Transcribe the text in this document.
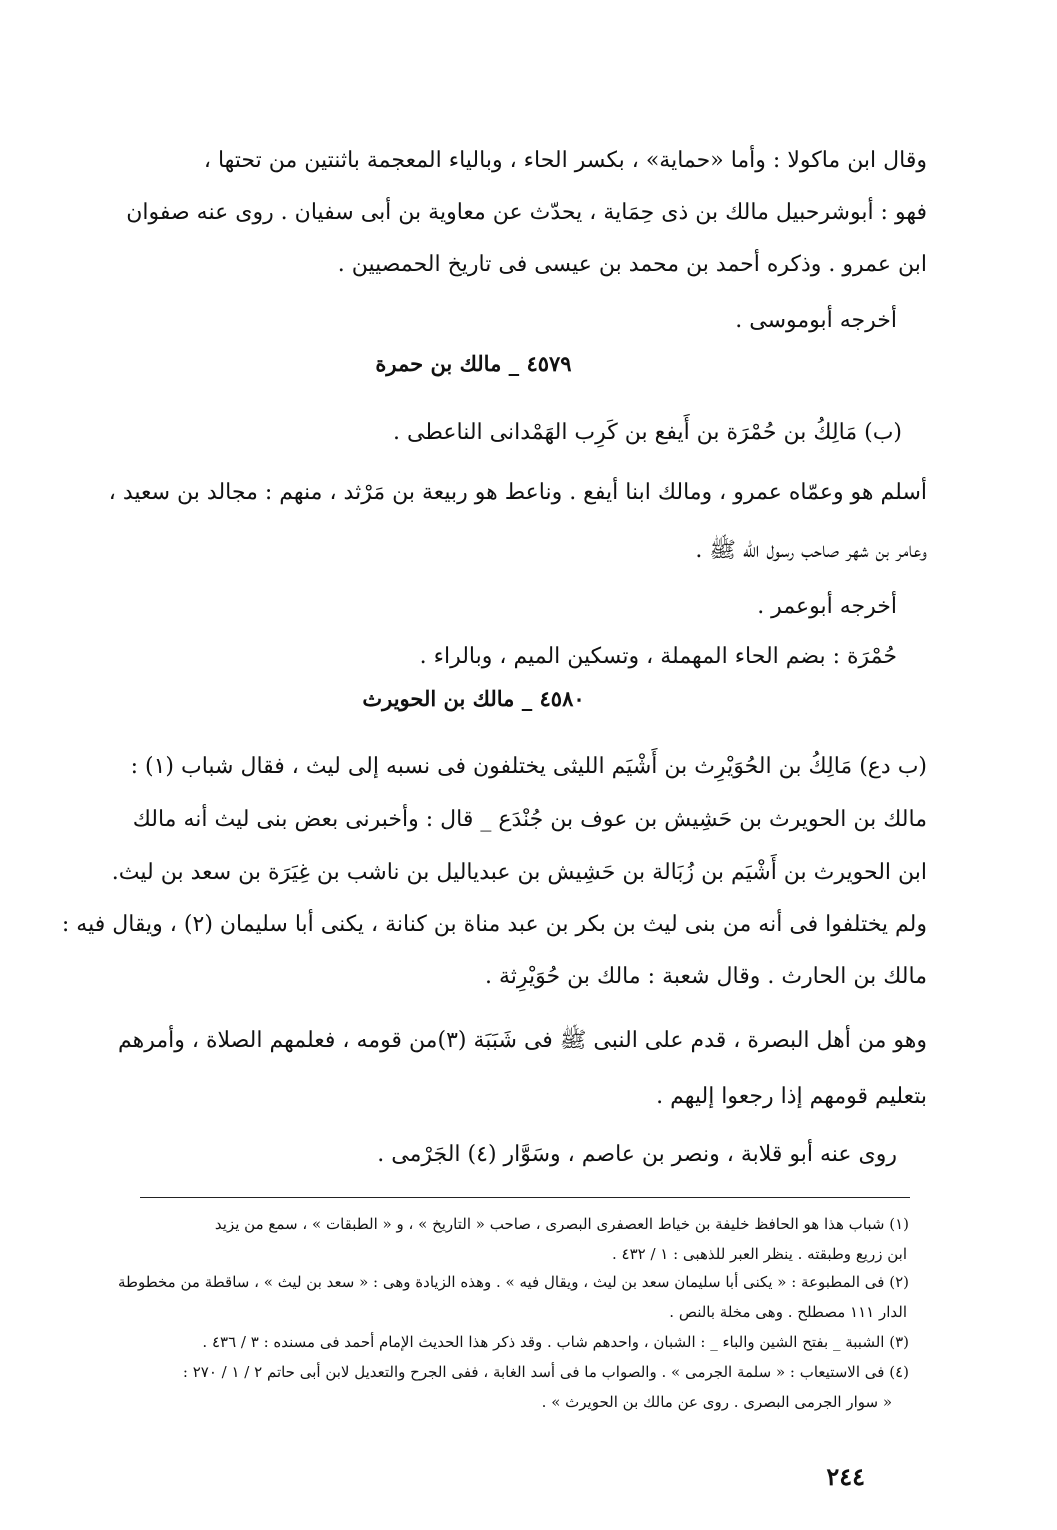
وقال ابن ماكولا : وأما «حماية» ، بكسر الحاء ، وبالياء المعجمة باثنتين من تحتها ،
فهو : أبوشرحبيل مالك بن ذى حِمَاية ، يحدّث عن معاوية بن أبى سفيان . روى عنه صفوان
ابن عمرو . وذكره أحمد بن محمد بن عيسى فى تاريخ الحمصيين .
أخرجه أبوموسى .
٤٥٧٩ _ مالك بن حمرة
(ب) مَالِكُ بن حُمْرَة بن أَيفع بن كَرِب الهَمْدانى الناعطى .
أسلم هو وعمّاه عمرو ، ومالك ابنا أيفع . وناعط هو ربيعة بن مَرْثد ، منهم : مجالد بن سعيد ،
وعامر بن شهر صاحب رسول الله ﷺ .
أخرجه أبوعمر .
حُمْرَة : بضم الحاء المهملة ، وتسكين الميم ، وبالراء .
٤٥٨٠ _ مالك بن الحويرث
(ب دع) مَالِكُ بن الحُوَيْرِث بن أَشْيَم الليثى يختلفون فى نسبه إلى ليث ، فقال شباب (١) :
مالك بن الحويرث بن حَشِيش بن عوف بن جُنْدَع _ قال : وأخبرنى بعض بنى ليث أنه مالك
ابن الحويرث بن أَشْيَم بن زُبَالة بن حَشِيش بن عبدياليل بن ناشب بن غِيَرَة بن سعد بن ليث.
ولم يختلفوا فى أنه من بنى ليث بن بكر بن عبد مناة بن كنانة ، يكنى أبا سليمان (٢) ، ويقال فيه :
مالك بن الحارث . وقال شعبة : مالك بن حُوَيْرِثة .
وهو من أهل البصرة ، قدم على النبى ﷺ فى شَبَبَة (٣)من قومه ، فعلمهم الصلاة ، وأمرهم
بتعليم قومهم إذا رجعوا إليهم .
روى عنه أبو قلابة ، ونصر بن عاصم ، وسَوَّار (٤) الجَرْمى .
(١) شباب هذا هو الحافظ خليفة بن خياط العصفرى البصرى ، صاحب « التاريخ » ، و « الطبقات » ، سمع من يزيد
ابن زريع وطبقته . ينظر العبر للذهبى : ١ / ٤٣٢ .
(٢) فى المطبوعة : « يكنى أبا سليمان سعد بن ليث ، ويقال فيه » . وهذه الزيادة وهى : « سعد بن ليث » ، ساقطة من مخطوطة
الدار ١١١ مصطلح . وهى مخلة بالنص .
(٣) الشببة _ بفتح الشين والباء _ : الشبان ، واحدهم شاب . وقد ذكر هذا الحديث الإمام أحمد فى مسنده : ٣ / ٤٣٦ .
(٤) فى الاستيعاب : « سلمة الجرمى » . والصواب ما فى أسد الغابة ، ففى الجرح والتعديل لابن أبى حاتم ٢ / ١ / ٢٧٠ :
« سوار الجرمى البصرى . روى عن مالك بن الحويرث » .
٢٤٤
